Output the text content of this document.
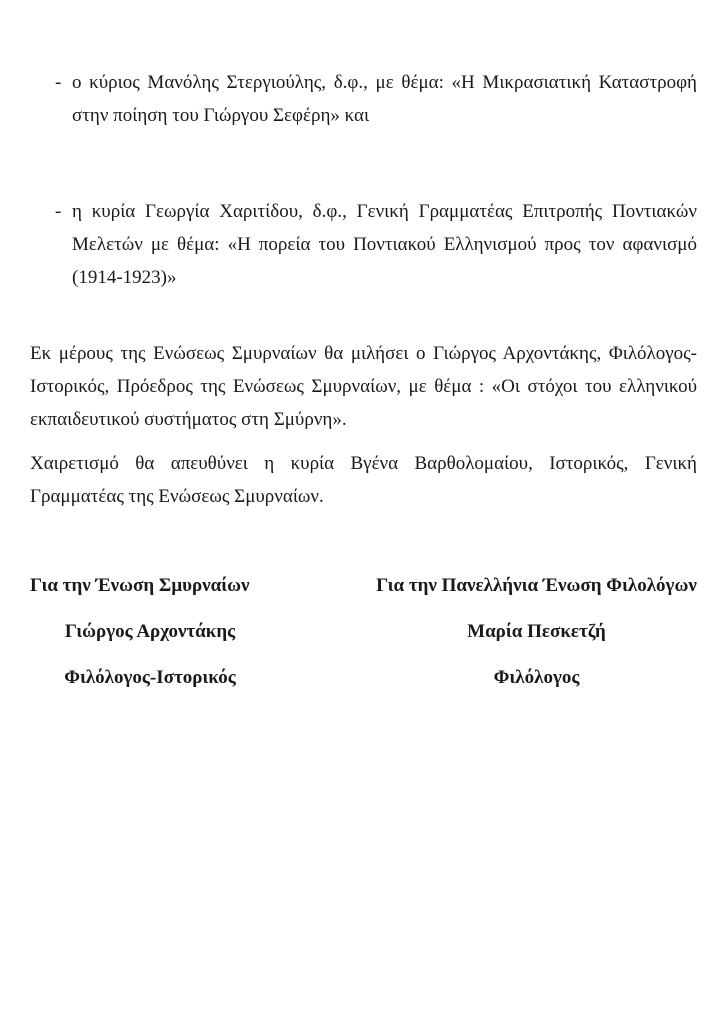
- ο κύριος Μανόλης Στεργιούλης, δ.φ., με θέμα: «Η Μικρασιατική Καταστροφή
στην ποίηση του Γιώργου Σεφέρη» και
- η κυρία Γεωργία Χαριτίδου, δ.φ., Γενική Γραμματέας Επιτροπής Ποντιακών
Μελετών με θέμα: «Η πορεία του Ποντιακού Ελληνισμού προς τον αφανισμό
(1914-1923)»
Εκ μέρους της Ενώσεως Σμυρναίων θα μιλήσει ο Γιώργος Αρχοντάκης, Φιλόλογος-
Ιστορικός, Πρόεδρος της Ενώσεως Σμυρναίων, με θέμα : «Οι στόχοι του ελληνικού
εκπαιδευτικού συστήματος στη Σμύρνη».
Χαιρετισμό θα απευθύνει η κυρία Βγένα Βαρθολομαίου, Ιστορικός, Γενική
Γραμματέας της Ενώσεως Σμυρναίων.
Για την Ένωση Σμυρναίων
Γιώργος Αρχοντάκης
Φιλόλογος-Ιστορικός
Για την Πανελλήνια Ένωση Φιλολόγων
Μαρία Πεσκετζή
Φιλόλογος
